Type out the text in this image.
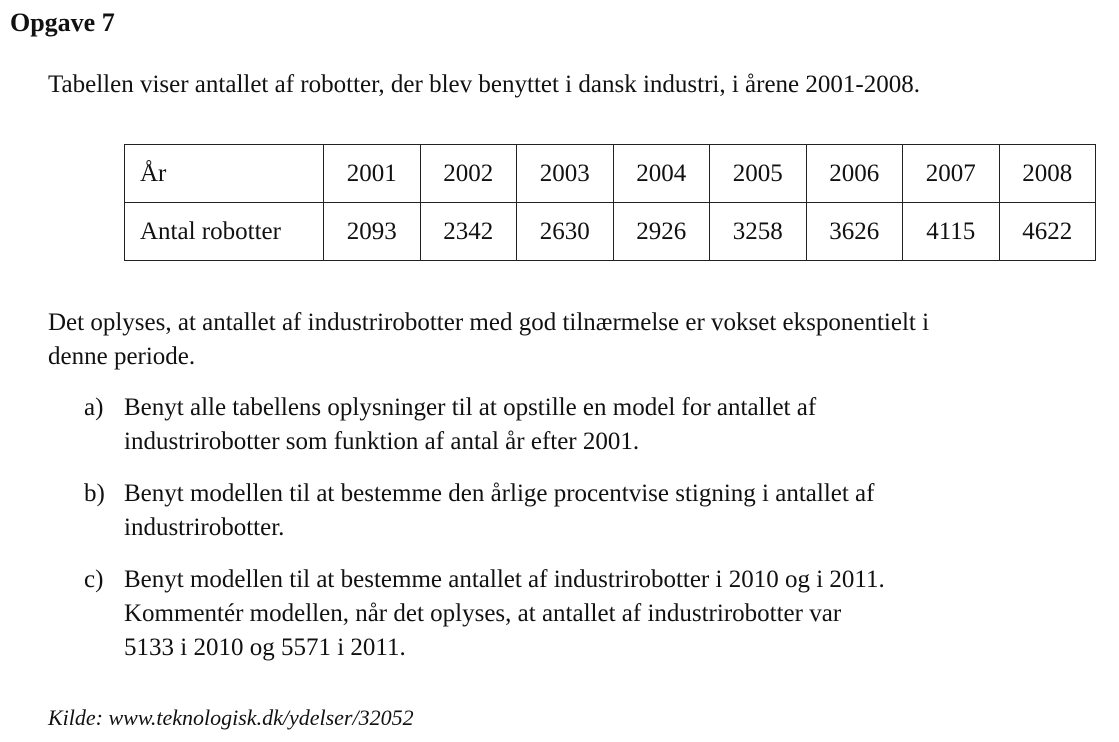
Opgave 7
Tabellen viser antallet af robotter, der blev benyttet i dansk industri, i årene 2001-2008.
År	2001	2002	2003	2004	2005	2006	2007	2008
Antal robotter	2093	2342	2630	2926	3258	3626	4115	4622
Det oplyses, at antallet af industrirobotter med god tilnærmelse er vokset eksponentielt i
denne periode.
a) Benyt alle tabellens oplysninger til at opstille en model for antallet af
industrirobotter som funktion af antal år efter 2001.
b) Benyt modellen til at bestemme den årlige procentvise stigning i antallet af
industrirobotter.
c) Benyt modellen til at bestemme antallet af industrirobotter i 2010 og i 2011.
Kommentér modellen, når det oplyses, at antallet af industrirobotter var
5133 i 2010 og 5571 i 2011.
Kilde: www.teknologisk.dk/ydelser/32052
